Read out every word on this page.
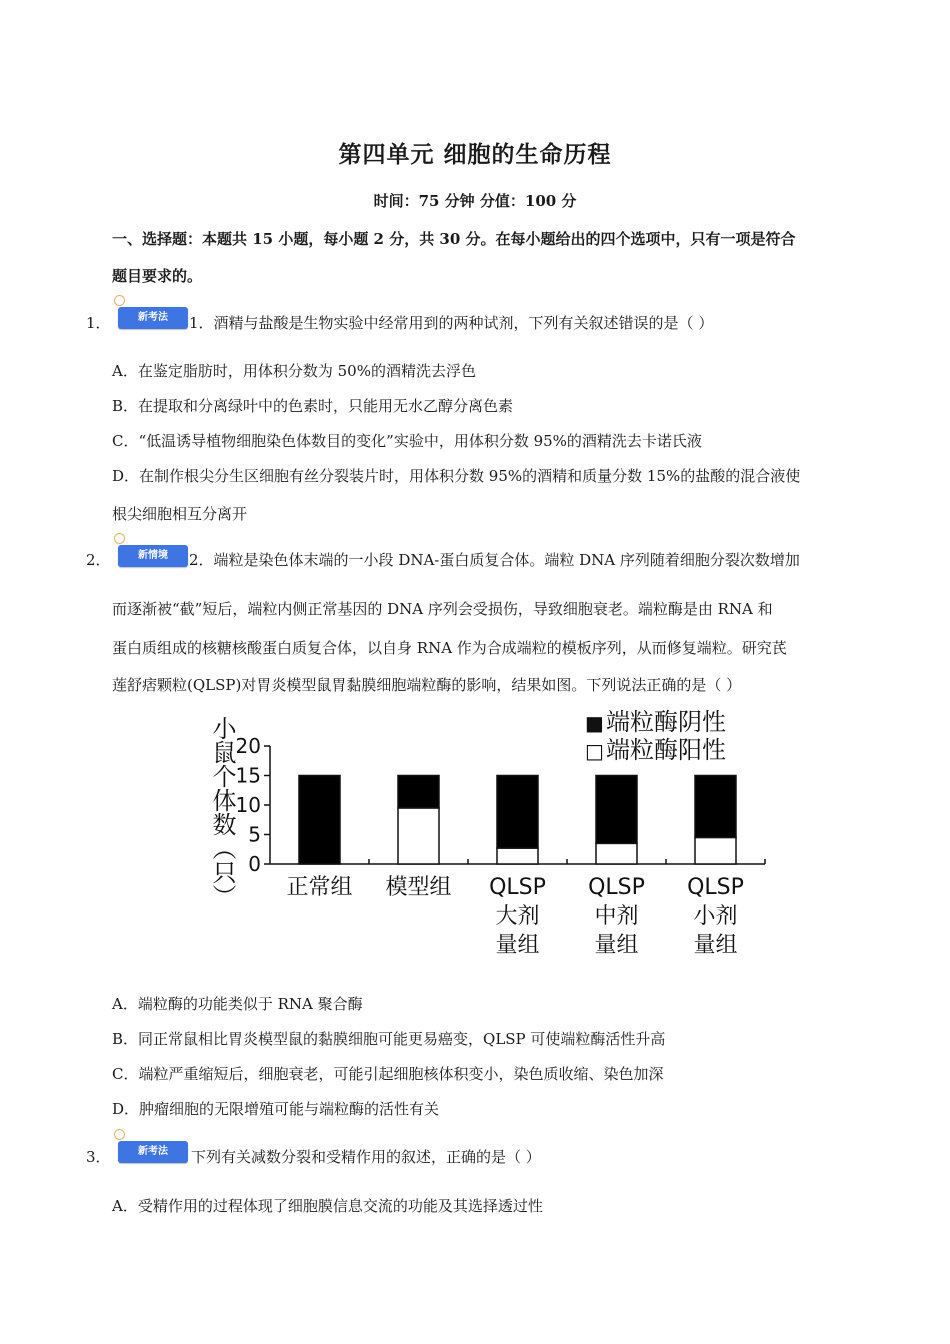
第四单元 细胞的生命历程
时间：75 分钟 分值：100 分
一、选择题：本题共 15 小题，每小题 2 分，共 30 分。在每小题给出的四个选项中，只有一项是符合
题目要求的。
1．	新考法	1．酒精与盐酸是生物实验中经常用到的两种试剂，下列有关叙述错误的是（ ）
A．在鉴定脂肪时，用体积分数为 50%的酒精洗去浮色
B．在提取和分离绿叶中的色素时，只能用无水乙醇分离色素
C．“低温诱导植物细胞染色体数目的变化”实验中，用体积分数 95%的酒精洗去卡诺氏液
D．在制作根尖分生区细胞有丝分裂装片时，用体积分数 95%的酒精和质量分数 15%的盐酸的混合液使
根尖细胞相互分离开
2．	新情境	2．端粒是染色体末端的一小段 DNA-蛋白质复合体。端粒 DNA 序列随着细胞分裂次数增加
而逐渐被“截”短后，端粒内侧正常基因的 DNA 序列会受损伤，导致细胞衰老。端粒酶是由 RNA 和
蛋白质组成的核糖核酸蛋白质复合体，以自身 RNA 作为合成端粒的模板序列，从而修复端粒。研究芪
莲舒痞颗粒(QLSP)对胃炎模型鼠胃黏膜细胞端粒酶的影响，结果如图。下列说法正确的是（ ）
小鼠个体数（只） 0
5
10
15
20
正常组 模型组 QLSP
大剂
量组
QLSP
中剂
量组
QLSP
小剂
量组
■ 端粒酶阴性
□ 端粒酶阳性
A．端粒酶的功能类似于 RNA 聚合酶
B．同正常鼠相比胃炎模型鼠的黏膜细胞可能更易癌变，QLSP 可使端粒酶活性升高
C．端粒严重缩短后，细胞衰老，可能引起细胞核体积变小，染色质收缩、染色加深
D．肿瘤细胞的无限增殖可能与端粒酶的活性有关
3．	新考法	下列有关减数分裂和受精作用的叙述，正确的是（ ）
A．受精作用的过程体现了细胞膜信息交流的功能及其选择透过性
